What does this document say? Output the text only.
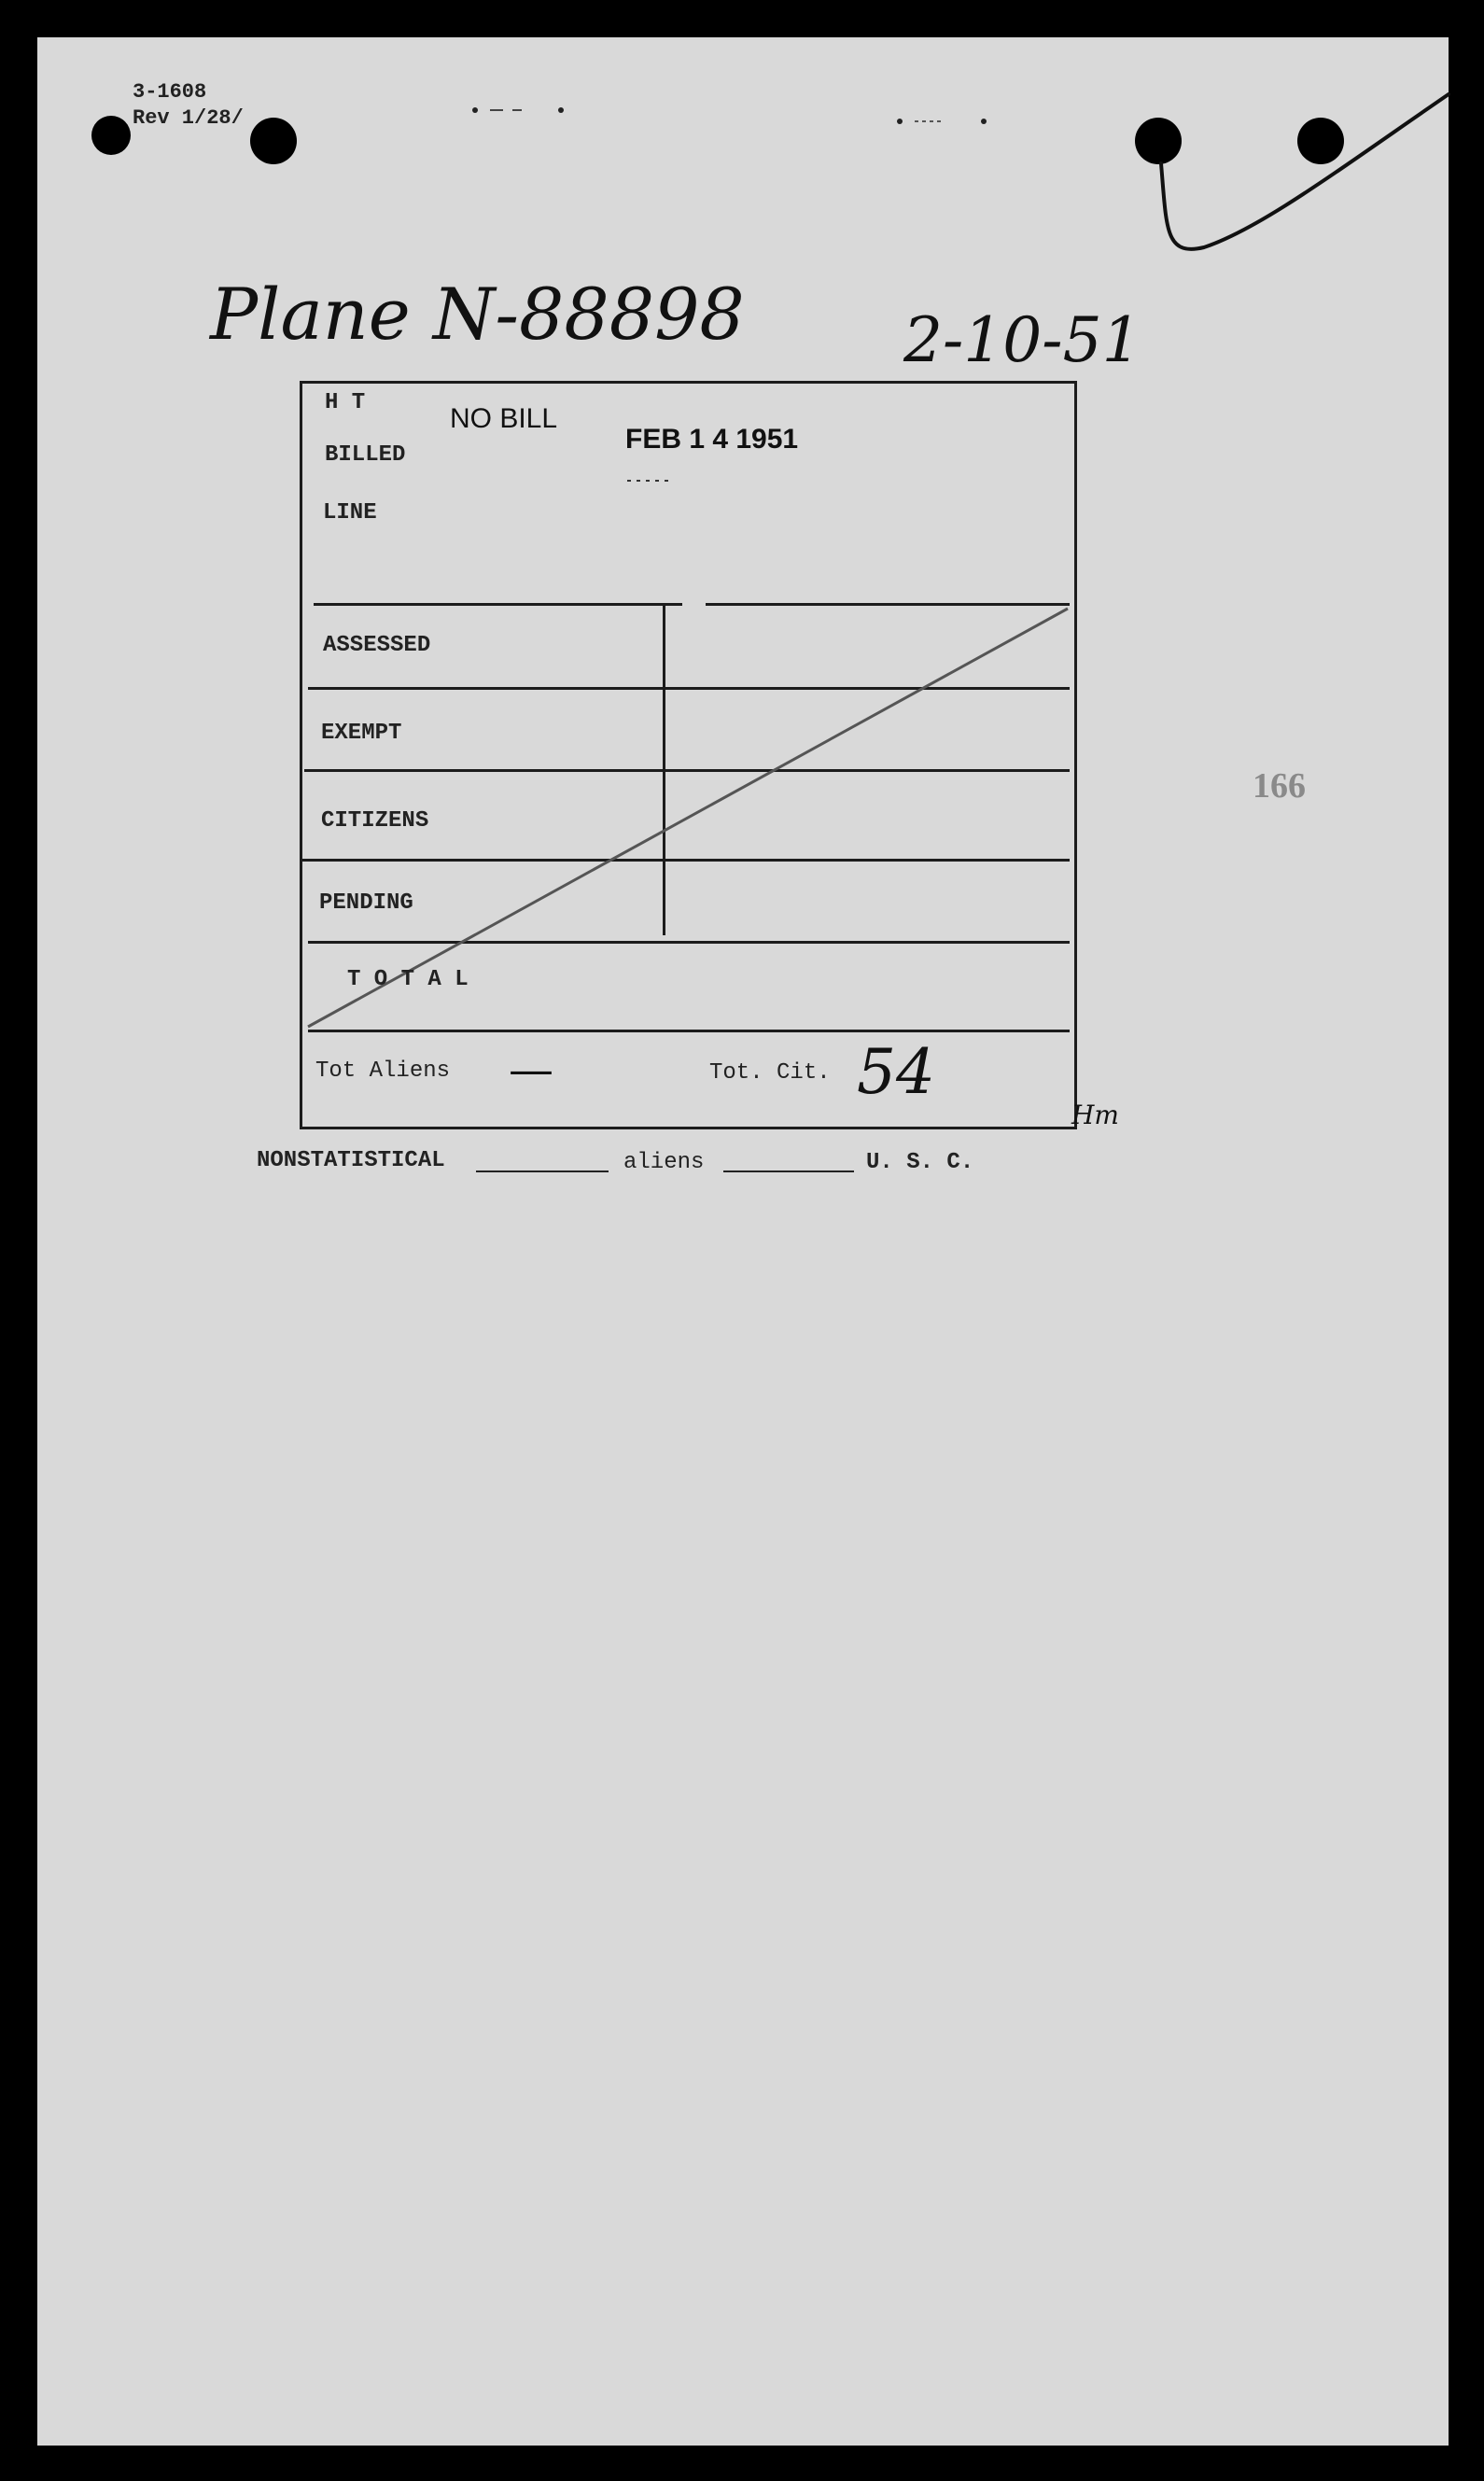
3-1608
Rev 1/28/
Plane N-88898	2-10-51
NO BILL
FEB 1 4 1951
H T
BILLED
LINE
ASSESSED
EXEMPT
CITIZENS
PENDING
T O T A L
Tot Aliens —	Tot. Cit. 54
Hm
NONSTATISTICAL	aliens	U. S. C.
166
